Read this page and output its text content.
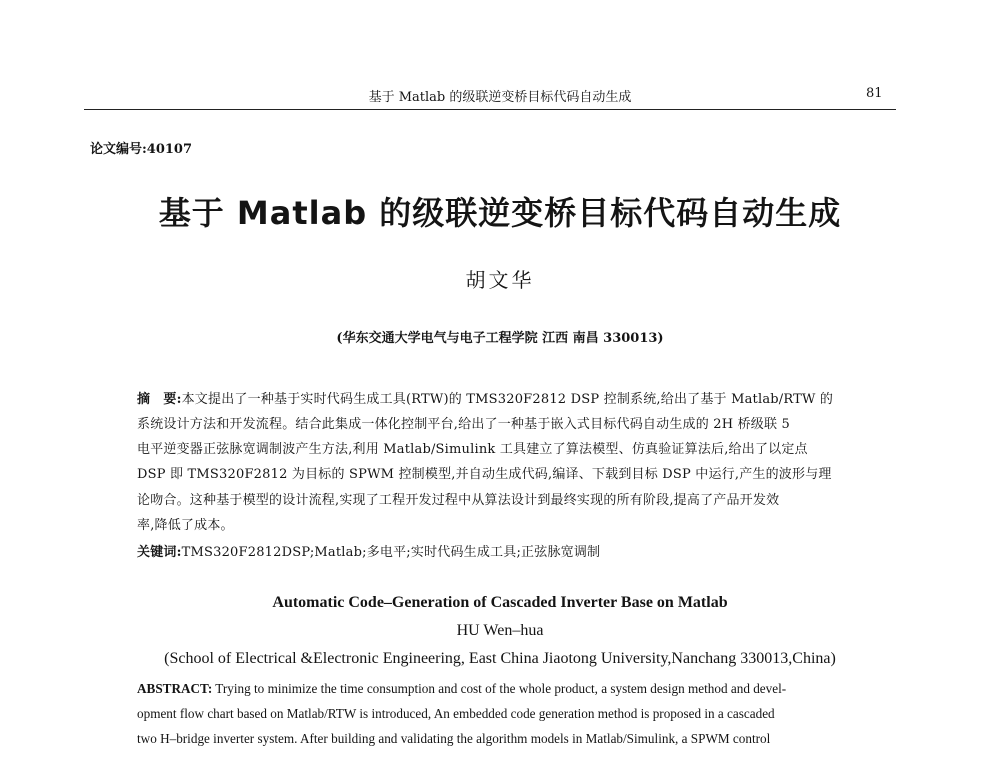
基于 Matlab 的级联逆变桥目标代码自动生成	81
论文编号:40107
基于 Matlab 的级联逆变桥目标代码自动生成
胡文华
(华东交通大学电气与电子工程学院 江西 南昌 330013)
摘　要:本文提出了一种基于实时代码生成工具(RTW)的 TMS320F2812 DSP 控制系统,给出了基于 Matlab/RTW 的
系统设计方法和开发流程。结合此集成一体化控制平台,给出了一种基于嵌入式目标代码自动生成的 2H 桥级联 5
电平逆变器正弦脉宽调制波产生方法,利用 Matlab/Simulink 工具建立了算法模型、仿真验证算法后,给出了以定点
DSP 即 TMS320F2812 为目标的 SPWM 控制模型,并自动生成代码,编译、下载到目标 DSP 中运行,产生的波形与理
论吻合。这种基于模型的设计流程,实现了工程开发过程中从算法设计到最终实现的所有阶段,提高了产品开发效
率,降低了成本。
关键词:TMS320F2812DSP;Matlab;多电平;实时代码生成工具;正弦脉宽调制
Automatic Code–Generation of Cascaded Inverter Base on Matlab
HU Wen–hua
(School of Electrical &Electronic Engineering, East China Jiaotong University,Nanchang 330013,China)
ABSTRACT: Trying to minimize the time consumption and cost of the whole product, a system design method and devel-
opment flow chart based on Matlab/RTW is introduced, An embedded code generation method is proposed in a cascaded
two H–bridge inverter system. After building and validating the algorithm models in Matlab/Simulink, a SPWM control
